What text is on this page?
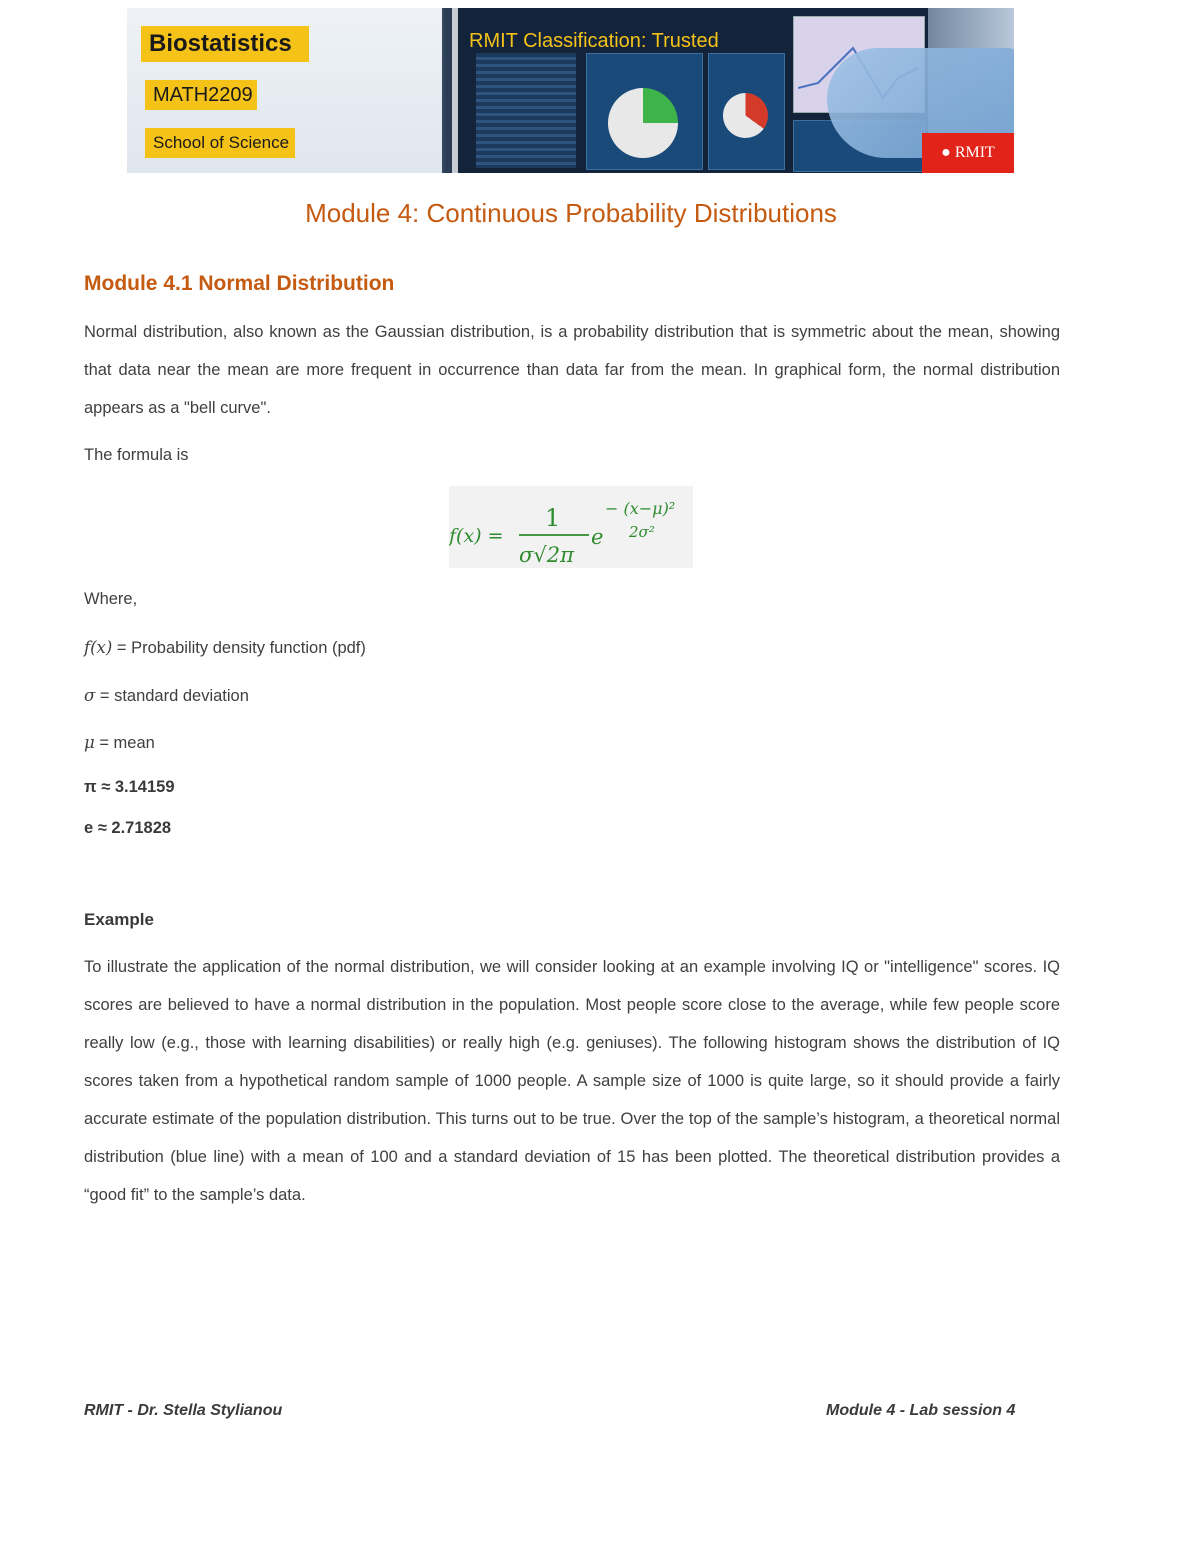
Biostatistics
MATH2209
School of Science
RMIT Classification: Trusted
● RMIT
Module 4: Continuous Probability Distributions
Module 4.1 Normal Distribution
Normal distribution, also known as the Gaussian distribution, is a probability distribution that is symmetric about the mean, showing that data near the mean are more frequent in occurrence than data far from the mean. In graphical form, the normal distribution appears as a "bell curve".
The formula is
f(x) =
1
σ√2π
e
− (x−μ)²
2σ²
Where,
f(x) = Probability density function (pdf)
σ = standard deviation
μ = mean
π ≈ 3.14159
e ≈ 2.71828
Example
To illustrate the application of the normal distribution, we will consider looking at an example involving IQ or "intelligence" scores. IQ scores are believed to have a normal distribution in the population. Most people score close to the average, while few people score really low (e.g., those with learning disabilities) or really high (e.g. geniuses). The following histogram shows the distribution of IQ scores taken from a hypothetical random sample of 1000 people. A sample size of 1000 is quite large, so it should provide a fairly accurate estimate of the population distribution. This turns out to be true. Over the top of the sample’s histogram, a theoretical normal distribution (blue line) with a mean of 100 and a standard deviation of 15 has been plotted. The theoretical distribution provides a “good fit” to the sample’s data.
RMIT - Dr. Stella Stylianou	Module 4 - Lab session 4
